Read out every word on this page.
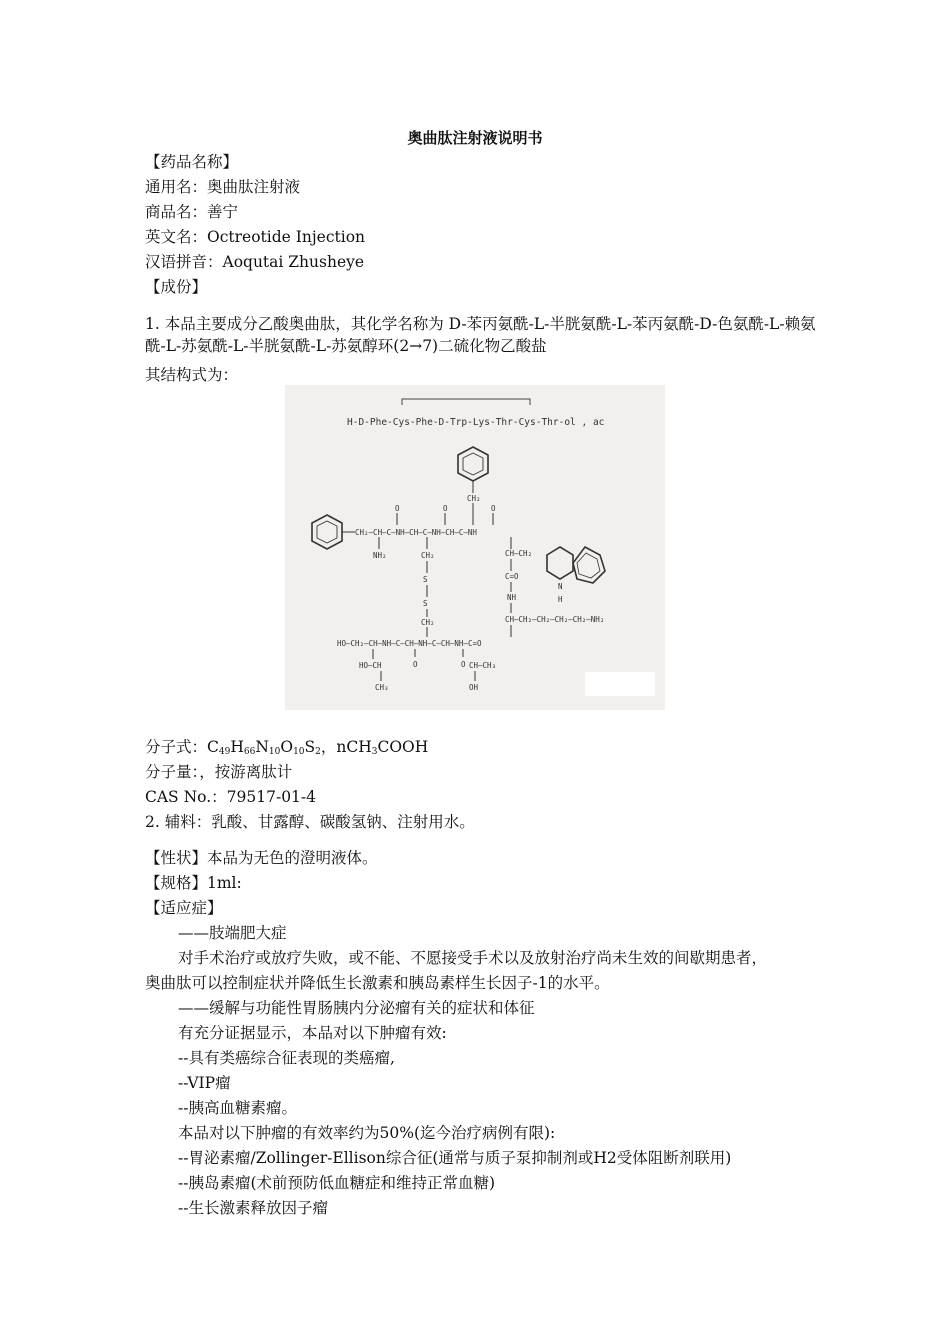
奥曲肽注射液说明书
【药品名称】
通用名：奥曲肽注射液
商品名：善宁
英文名：Octreotide Injection
汉语拼音：Aoqutai Zhusheye
【成份】
1. 本品主要成分乙酸奥曲肽，其化学名称为 D-苯丙氨酰-L-半胱氨酰-L-苯丙氨酰-D-色氨酰-L-赖氨酰-L-苏氨酰-L-半胱氨酰-L-苏氨醇环(2→7)二硫化物乙酸盐
其结构式为：
H-D-Phe-Cys-Phe-D-Trp-Lys-Thr-Cys-Thr-ol , ac
CH₂
CH₂–CH–C–NH–CH–C–NH–CH–C–NH
O	O	O
NH₂	CH₂
S
S
CH₂
CH–CH₂
C=O
NH
CH–CH₂–CH₂–CH₂–CH₂–NH₂
N
H
HO–CH₂–CH–NH–C–CH–NH–C–CH–NH–C=O
O	O
HO–CH
CH₃
CH–CH₃
OH
分子式：$C_{49}H_{66}N_{10}O_{10}S_2$，nCH$_3$COOH
分子量：，按游离肽计
CAS No.：79517-01-4
2. 辅料：乳酸、甘露醇、碳酸氢钠、注射用水。
【性状】本品为无色的澄明液体。
【规格】1ml:
【适应症】
——肢端肥大症
对手术治疗或放疗失败，或不能、不愿接受手术以及放射治疗尚未生效的间歇期患者，
奥曲肽可以控制症状并降低生长激素和胰岛素样生长因子-1的水平。
——缓解与功能性胃肠胰内分泌瘤有关的症状和体征
有充分证据显示，本品对以下肿瘤有效:
--具有类癌综合征表现的类癌瘤,
--VIP瘤
--胰高血糖素瘤。
本品对以下肿瘤的有效率约为50%(迄今治疗病例有限):
--胃泌素瘤/Zollinger-Ellison综合征(通常与质子泵抑制剂或H2受体阻断剂联用)
--胰岛素瘤(术前预防低血糖症和维持正常血糖)
--生长激素释放因子瘤
